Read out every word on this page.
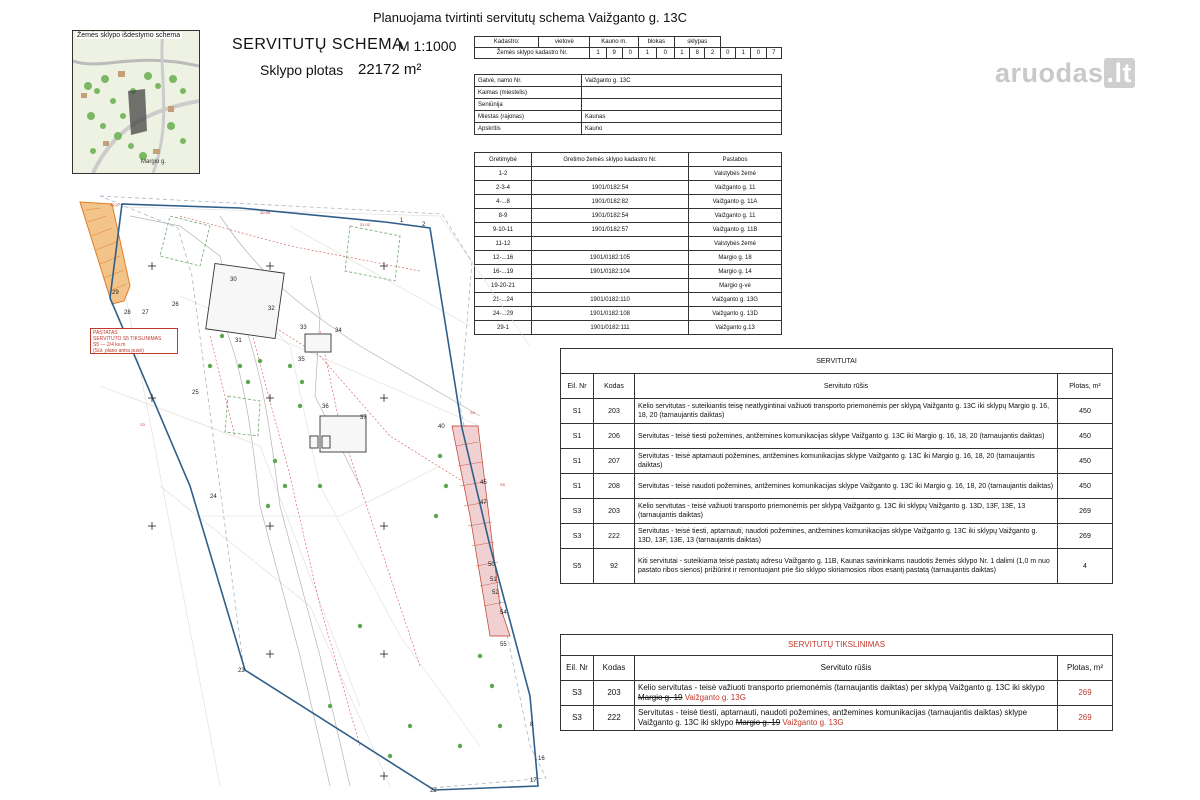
Planuojama tvirtinti servitutų schema Vaižganto g. 13C
Margio g.
Žemės sklypo išdėstymo schema
SERVITUTŲ SCHEMA
M 1:1000
Sklypo plotas 22172 m²
Kadastro:	vietovė	Kauno m.			blokas		sklypas						
Žemės sklypo kadastro Nr.		1	9	0	1	0	1	8	2	0	1	0	7
Gatvė, namo Nr.	Vaižganto g. 13C
Kaimas (miestelis)	
Seniūnija	
Miestas (rajonas)	Kaunas
Apskritis	Kauno
Gretimybė	Gretimo žemės sklypo kadastro Nr.	Pastabos
1-2		Valstybės žemė
2-3-4	1901/0182:54	Vaižganto g. 11
4-...8	1901/0182:82	Vaižganto g. 11A
8-9	1901/0182:54	Vaižganto g. 11
9-10-11	1901/0182:57	Vaižganto g. 11B
11-12		Valstybės žemė
12-...16	1901/0182:105	Margio g. 18
16-...19	1901/0182:104	Margio g. 14
19-20-21		Margio g-vė
21-...24	1901/0182:110	Vaižganto g. 13G
24-...29	1901/0182:108	Vaižganto g. 13D
29-1	1901/0182:111	Vaižganto g.13
aruodas .lt
1
2
30
32
31
33	34
35
36
37
40
45
47
50
51
52
54
55
8
16
17
22
23
24
25
26
27
28
29
31.07
30.95
31.02
S4
S5
S3
PASTATAS
SERVITUTO S5 TIKSLINIMAS
S5 — 2/4 kv.m
(Sūr. plano antra pusė)
SERVITUTAI			
Eil. Nr	Kodas	Servituto rūšis	Plotas, m²
S1	203	Kelio servitutas - suteikiantis teisę neatlygintinai važiuoti transporto priemonėmis per sklypą Vaižganto g. 13C iki sklypų Margio g. 16, 18, 20 (tarnaujantis daiktas)	450
S1	206	Servitutas - teisė tiesti požemines, antžemines komunikacijas sklype Vaižganto g. 13C iki Margio g. 16, 18, 20 (tarnaujantis daiktas)	450
S1	207	Servitutas - teisė aptarnauti požemines, antžemines komunikacijas sklype Vaižganto g. 13C iki Margio g. 16, 18, 20 (tarnaujantis daiktas)	450
S1	208	Servitutas - teisė naudoti požemines, antžemines komunikacijas sklype Vaižganto g. 13C iki Margio g. 16, 18, 20 (tarnaujantis daiktas)	450
S3	203	Kelio servitutas - teisė važiuoti transporto priemonėmis per sklypą Vaižganto g. 13C iki sklypų Vaižganto g. 13D, 13F, 13E, 13 (tarnaujantis daiktas)	269
S3	222	Servitutas - teisė tiesti, aptarnauti, naudoti požemines, antžemines komunikacijas sklype Vaižganto g. 13C iki sklypų Vaižganto g. 13D, 13F, 13E, 13 (tarnaujantis daiktas)	269
S5	92	Kiti servitutai - suteikiama teisė pastatų adresu Vaižganto g. 11B, Kaunas savininkams naudotis žemės sklypo Nr. 1 dalimi (1,0 m nuo pastato ribos sienos) prižiūrint ir remontuojant prie šio sklypo skiriamosios ribos esantį pastatą (tarnaujantis daiktas)	4
SERVITUTŲ TIKSLINIMAS			
Eil. Nr	Kodas	Servituto rūšis	Plotas, m²
S3	203	Kelio servitutas - teisė važiuoti transporto priemonėmis (tarnaujantis daiktas) per sklypą Vaižganto g. 13C iki sklypo Margio g. 19 Vaižganto g. 13G	269
S3	222	Servitutas - teisė tiesti, aptarnauti, naudoti požemines, antžemines komunikacijas (tarnaujantis daiktas) sklype Vaižganto g. 13C iki sklypo Margio g. 19 Vaižganto g. 13G	269
